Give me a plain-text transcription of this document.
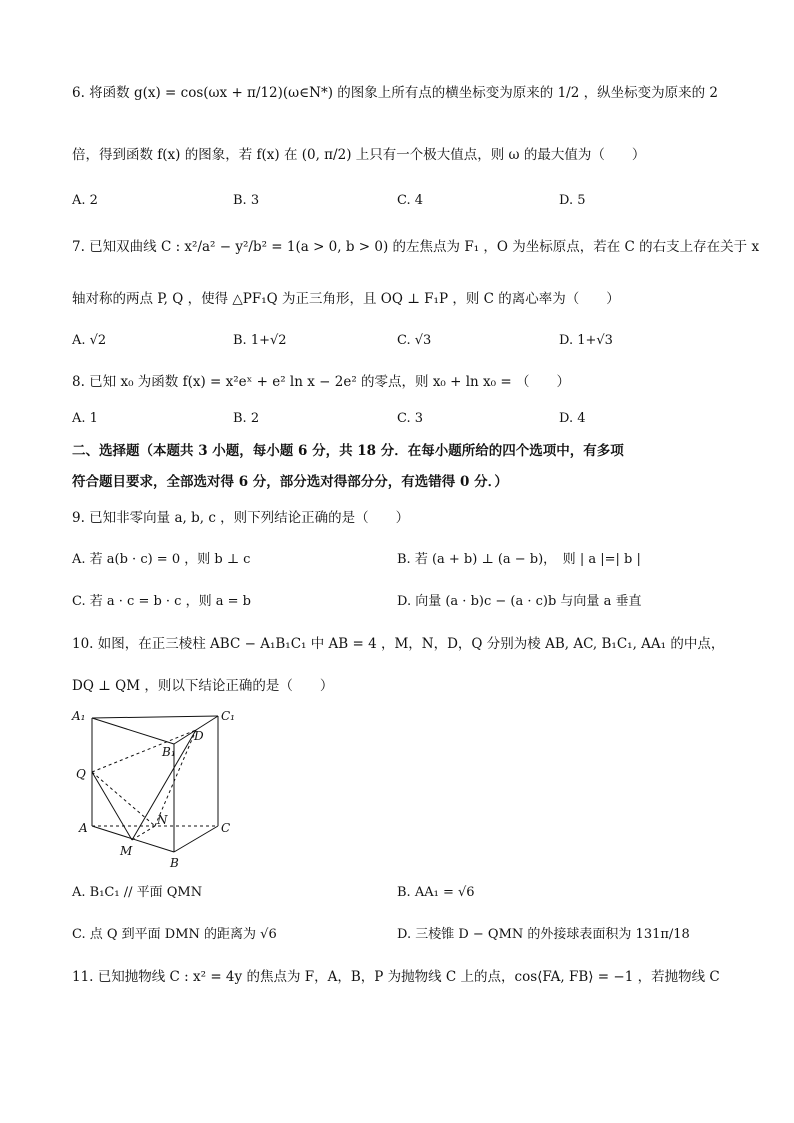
6. 将函数 g(x) = cos(ωx + π/12)(ω∈N*) 的图象上所有点的横坐标变为原来的 1/2 ，纵坐标变为原来的 2
倍，得到函数 f(x) 的图象，若 f(x) 在 (0, π/2) 上只有一个极大值点，则 ω 的最大值为（　　）
A. 2	B. 3	C. 4	D. 5
7. 已知双曲线 C : x²/a² − y²/b² = 1(a > 0, b > 0) 的左焦点为 F₁ ，O 为坐标原点，若在 C 的右支上存在关于 x
轴对称的两点 P, Q ，使得 △PF₁Q 为正三角形，且 OQ ⊥ F₁P ，则 C 的离心率为（　　）
A. √2	B. 1+√2	C. √3	D. 1+√3
8. 已知 x₀ 为函数 f(x) = x²eˣ + e² ln x − 2e² 的零点，则 x₀ + ln x₀ = （　　）
A. 1	B. 2	C. 3	D. 4
二、选择题（本题共 3 小题，每小题 6 分，共 18 分．在每小题所给的四个选项中，有多项
符合题目要求，全部选对得 6 分，部分选对得部分分，有选错得 0 分．）
9. 已知非零向量 a, b, c ，则下列结论正确的是（　　）
A. 若 a(b · c) = 0 ，则 b ⊥ c	B. 若 (a + b) ⊥ (a − b)，　则 | a |=| b |
C. 若 a · c = b · c ，则 a = b	D. 向量 (a · b)c − (a · c)b 与向量 a 垂直
10. 如图，在正三棱柱 ABC − A₁B₁C₁ 中 AB = 4 ，M，N，D，Q 分别为棱 AB, AC, B₁C₁, AA₁ 的中点，
DQ ⊥ QM ，则以下结论正确的是（　　）
A₁	C₁
B₁
D
Q
A	C
N
M
B
A. B₁C₁ // 平面 QMN	B. AA₁ = √6
C. 点 Q 到平面 DMN 的距离为 √6	D. 三棱锥 D − QMN 的外接球表面积为 131π/18
11. 已知抛物线 C : x² = 4y 的焦点为 F，A，B，P 为抛物线 C 上的点，cos⟨FA, FB⟩ = −1 ，若抛物线 C
